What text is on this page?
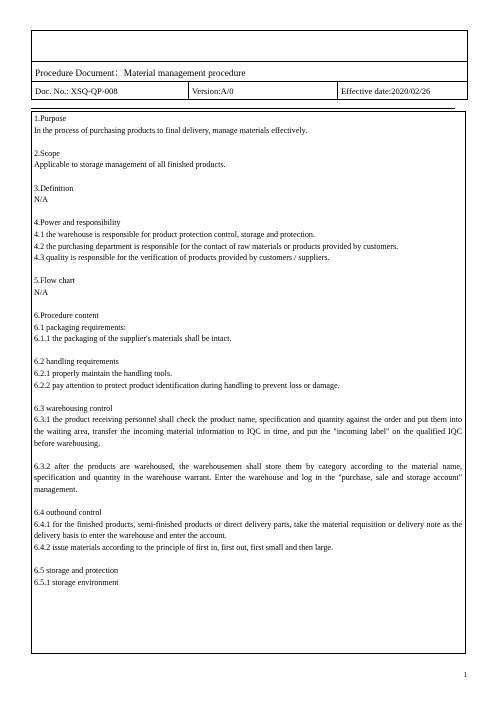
Procedure Document：Material management procedure
Doc. No.: XSQ-QP-008	Version:A/0	Effective date:2020/02/26

1.Purpose

In the process of purchasing products to final delivery, manage materials effectively.

2.Scope

Applicable to storage management of all finished products.

3.Definition

N/A

4.Power and responsibility

4.1 the warehouse is responsible for product protection control, storage and protection.

4.2 the purchasing department is responsible for the contact of raw materials or products provided by customers.

4.3 quality is responsible for the verification of products provided by customers / suppliers.

5.Flow chart

N/A

6.Procedure content

6.1 packaging requirements:

6.1.1 the packaging of the supplier's materials shall be intact.

6.2 handling requirements

6.2.1 properly maintain the handling tools.

6.2.2 pay attention to protect product identification during handling to prevent loss or damage.

6.3 warehousing control

6.3.1 the product receiving personnel shall check the product name, specification and quantity against the order and put them into the waiting area, transfer the incoming material information to IQC in time, and put the "incoming label" on the qualified IQC before warehousing.

6.3.2 after the products are warehoused, the warehousemen shall store them by category according to the material name, specification and quantity in the warehouse warrant. Enter the warehouse and log in the "purchase, sale and storage account" management.

6.4 outbound control

6.4.1 for the finished products, semi-finished products or direct delivery parts, take the material requisition or delivery note as the delivery basis to enter the warehouse and enter the account.

6.4.2 issue materials according to the principle of first in, first out, first small and then large.

6.5 storage and protection

6.5.1 storage environment

1
